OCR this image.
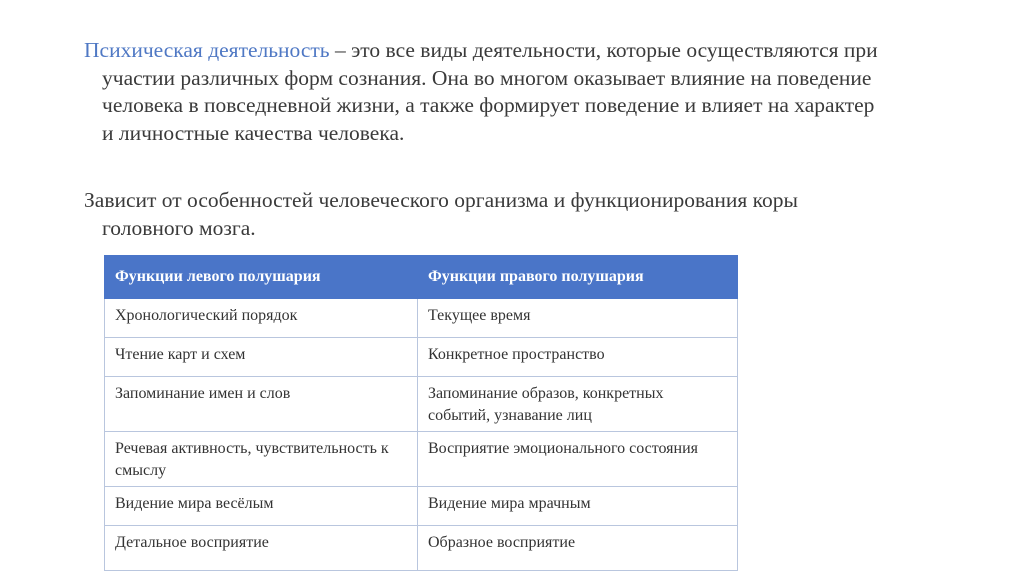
Психическая деятельность – это все виды деятельности, которые осуществляются при участии различных форм сознания. Она во многом оказывает влияние на поведение человека в повседневной жизни, а также формирует поведение и влияет на характер и личностные качества человека.
Зависит от особенностей человеческого организма и функционирования коры головного мозга.
Функции левого полушария	Функции правого полушария
Хронологический порядок	Текущее время
Чтение карт и схем	Конкретное пространство
Запоминание имен и слов	Запоминание образов, конкретных событий, узнавание лиц
Речевая активность, чувствительность к смыслу	Восприятие эмоционального состояния
Видение мира весёлым	Видение мира мрачным
Детальное восприятие	Образное восприятие
